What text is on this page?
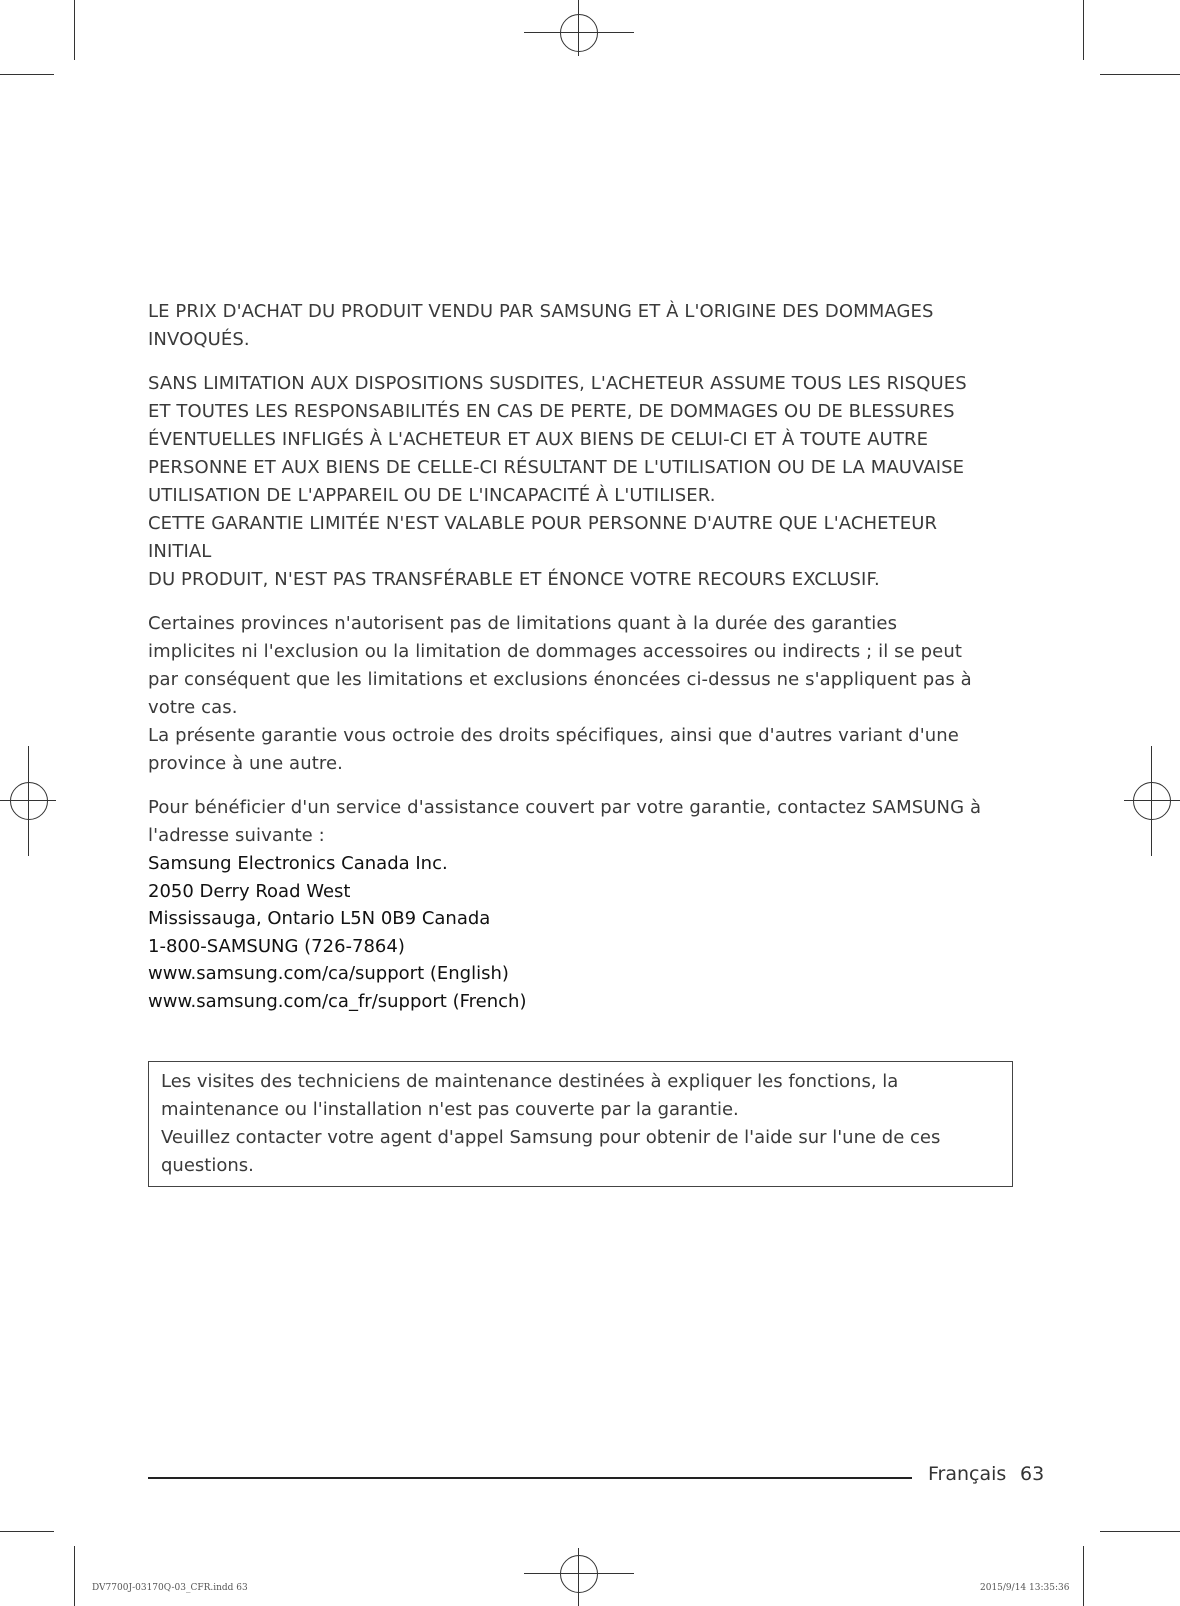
LE PRIX D'ACHAT DU PRODUIT VENDU PAR SAMSUNG ET À L'ORIGINE DES DOMMAGES
INVOQUÉS.
SANS LIMITATION AUX DISPOSITIONS SUSDITES, L'ACHETEUR ASSUME TOUS LES RISQUES
ET TOUTES LES RESPONSABILITÉS EN CAS DE PERTE, DE DOMMAGES OU DE BLESSURES
ÉVENTUELLES INFLIGÉS À L'ACHETEUR ET AUX BIENS DE CELUI-CI ET À TOUTE AUTRE
PERSONNE ET AUX BIENS DE CELLE-CI RÉSULTANT DE L'UTILISATION OU DE LA MAUVAISE
UTILISATION DE L'APPAREIL OU DE L'INCAPACITÉ À L'UTILISER.
CETTE GARANTIE LIMITÉE N'EST VALABLE POUR PERSONNE D'AUTRE QUE L'ACHETEUR
INITIAL
DU PRODUIT, N'EST PAS TRANSFÉRABLE ET ÉNONCE VOTRE RECOURS EXCLUSIF.
Certaines provinces n'autorisent pas de limitations quant à la durée des garanties
implicites ni l'exclusion ou la limitation de dommages accessoires ou indirects ; il se peut
par conséquent que les limitations et exclusions énoncées ci-dessus ne s'appliquent pas à
votre cas.
La présente garantie vous octroie des droits spécifiques, ainsi que d'autres variant d'une
province à une autre.
Pour bénéficier d'un service d'assistance couvert par votre garantie, contactez SAMSUNG à
l'adresse suivante :
Samsung Electronics Canada Inc.
2050 Derry Road West
Mississauga, Ontario L5N 0B9 Canada
1-800-SAMSUNG (726-7864)
www.samsung.com/ca/support (English)
www.samsung.com/ca_fr/support (French)

Les visites des techniciens de maintenance destinées à expliquer les fonctions, la

maintenance ou l'installation n'est pas couverte par la garantie.

Veuillez contacter votre agent d'appel Samsung pour obtenir de l'aide sur l'une de ces

questions.

Français 63
DV7700J-03170Q-03_CFR.indd 63	2015/9/14 13:35:36
